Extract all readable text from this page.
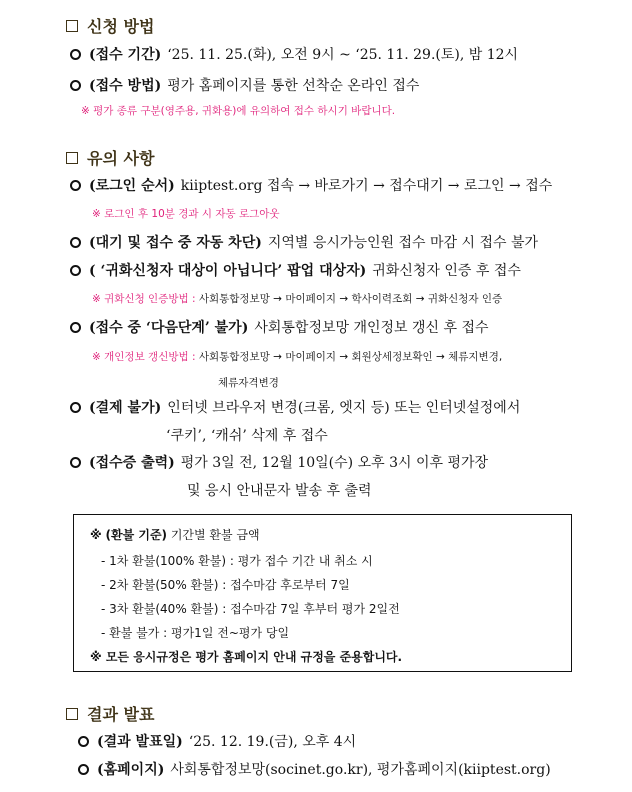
신청 방법
(접수 기간) ‘25. 11. 25.(화), 오전 9시 ~ ‘25. 11. 29.(토), 밤 12시
(접수 방법) 평가 홈페이지를 통한 선착순 온라인 접수
※ 평가 종류 구분(영주용, 귀화용)에 유의하여 접수 하시기 바랍니다.
유의 사항
(로그인 순서) kiiptest.org 접속 → 바로가기 → 접수대기 → 로그인 → 접수
※ 로그인 후 10분 경과 시 자동 로그아웃
(대기 및 접수 중 자동 차단) 지역별 응시가능인원 접수 마감 시 접수 불가
( ‘귀화신청자 대상이 아닙니다’ 팝업 대상자) 귀화신청자 인증 후 접수
※ 귀화신청 인증방법 : 사회통합정보망 → 마이페이지 → 학사이력조회 → 귀화신청자 인증
(접수 중 ‘다음단계’ 불가) 사회통합정보망 개인정보 갱신 후 접수
※ 개인정보 갱신방법 : 사회통합정보망 → 마이페이지 → 회원상세정보확인 → 체류지변경,
체류자격변경
(결제 불가) 인터넷 브라우저 변경(크롬, 엣지 등) 또는 인터넷설정에서
‘쿠키’, ‘캐쉬’ 삭제 후 접수
(접수증 출력) 평가 3일 전, 12월 10일(수) 오후 3시 이후 평가장
및 응시 안내문자 발송 후 출력
※ (환불 기준) 기간별 환불 금액
- 1차 환불(100% 환불) : 평가 접수 기간 내 취소 시
- 2차 환불(50% 환불) : 접수마감 후로부터 7일
- 3차 환불(40% 환불) : 접수마감 7일 후부터 평가 2일전
- 환불 불가 : 평가1일 전~평가 당일
※ 모든 응시규정은 평가 홈페이지 안내 규정을 준용합니다.
결과 발표
(결과 발표일) ‘25. 12. 19.(금), 오후 4시
(홈페이지) 사회통합정보망(socinet.go.kr), 평가홈페이지(kiiptest.org)
